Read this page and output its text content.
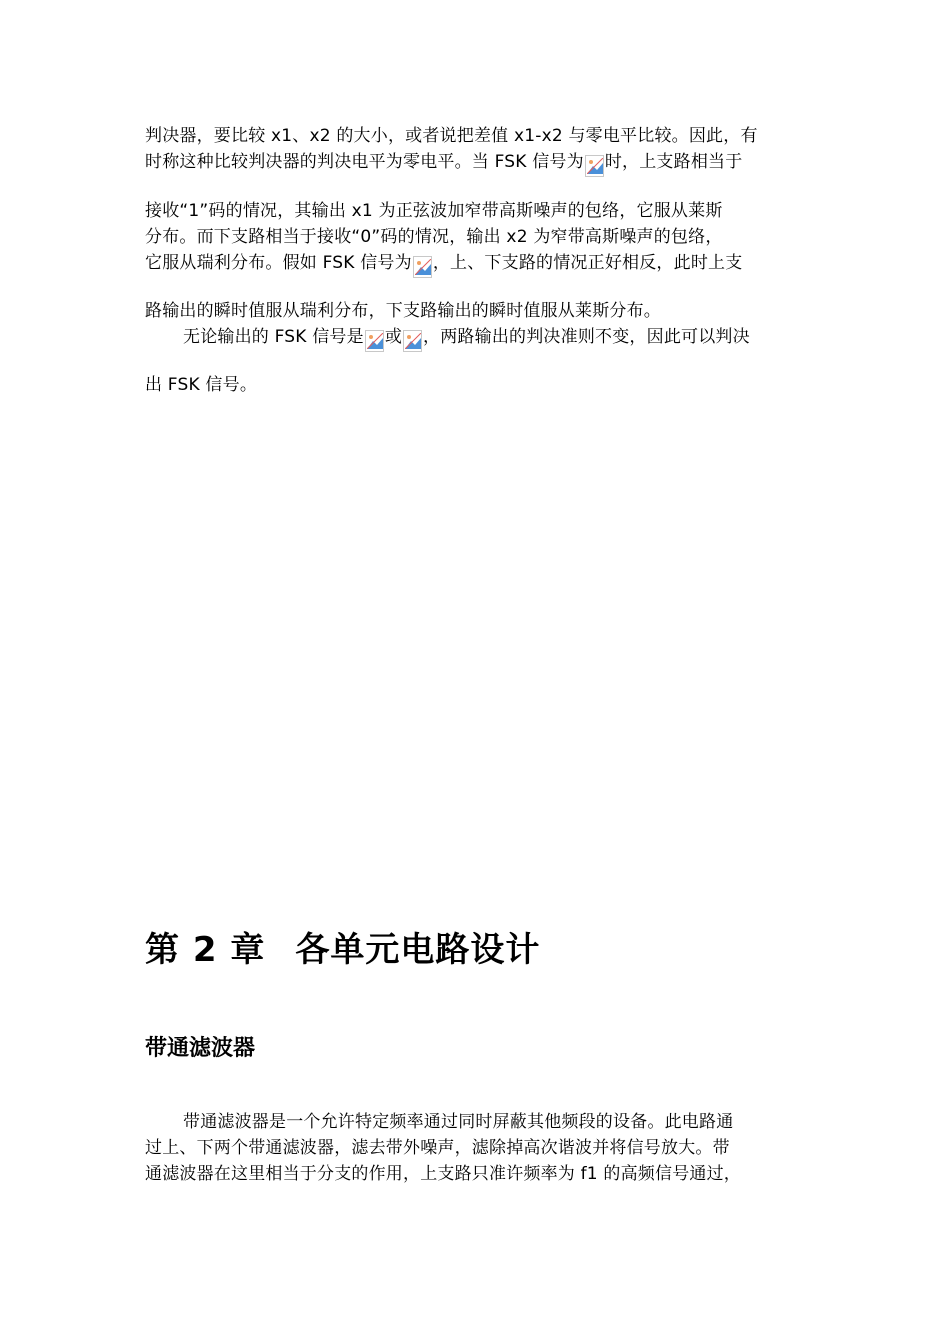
判决器，要比较 x1、x2 的大小，或者说把差值 x1-x2 与零电平比较。因此，有
时称这种比较判决器的判决电平为零电平。当 FSK 信号为 时，上支路相当于
接收“1”码的情况，其输出 x1 为正弦波加窄带高斯噪声的包络，它服从莱斯
分布。而下支路相当于接收“0”码的情况，输出 x2 为窄带高斯噪声的包络，
它服从瑞利分布。假如 FSK 信号为 ，上、下支路的情况正好相反，此时上支
路输出的瞬时值服从瑞利分布，下支路输出的瞬时值服从莱斯分布。
无论输出的 FSK 信号是 或 ，两路输出的判决准则不变，因此可以判决
出 FSK 信号。
第 2 章 各单元电路设计
带通滤波器
带通滤波器是一个允许特定频率通过同时屏蔽其他频段的设备。此电路通
过上、下两个带通滤波器，滤去带外噪声，滤除掉高次谐波并将信号放大。带
通滤波器在这里相当于分支的作用，上支路只准许频率为 f1 的高频信号通过，
